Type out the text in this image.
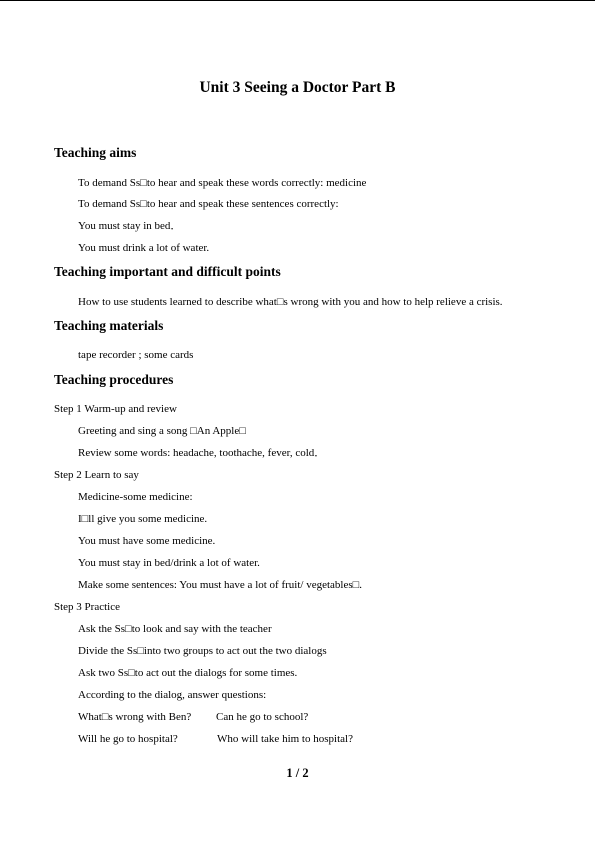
Unit 3 Seeing a Doctor Part B
Teaching aims
To demand Ss□to hear and speak these words correctly: medicine
To demand Ss□to hear and speak these sentences correctly:
You must stay in bed．
You must drink a lot of water.
Teaching important and difficult points
How to use students learned to describe what□s wrong with you and how to help relieve a crisis.
Teaching materials
tape recorder ; some cards
Teaching procedures
Step 1 Warm-up and review
Greeting and sing a song □An Apple□
Review some words: headache, toothache, fever, cold．
Step 2 Learn to say
Medicine-some medicine:
I□ll give you some medicine.
You must have some medicine.
You must stay in bed/drink a lot of water.
Make some sentences: You must have a lot of fruit/ vegetables□.
Step 3 Practice
Ask the Ss□to look and say with the teacher
Divide the Ss□into two groups to act out the two dialogs
Ask two Ss□to act out the dialogs for some times.
According to the dialog, answer questions:
What□s wrong with Ben? Can he go to school?
Will he go to hospital?	Who will take him to hospital?
1 / 2
